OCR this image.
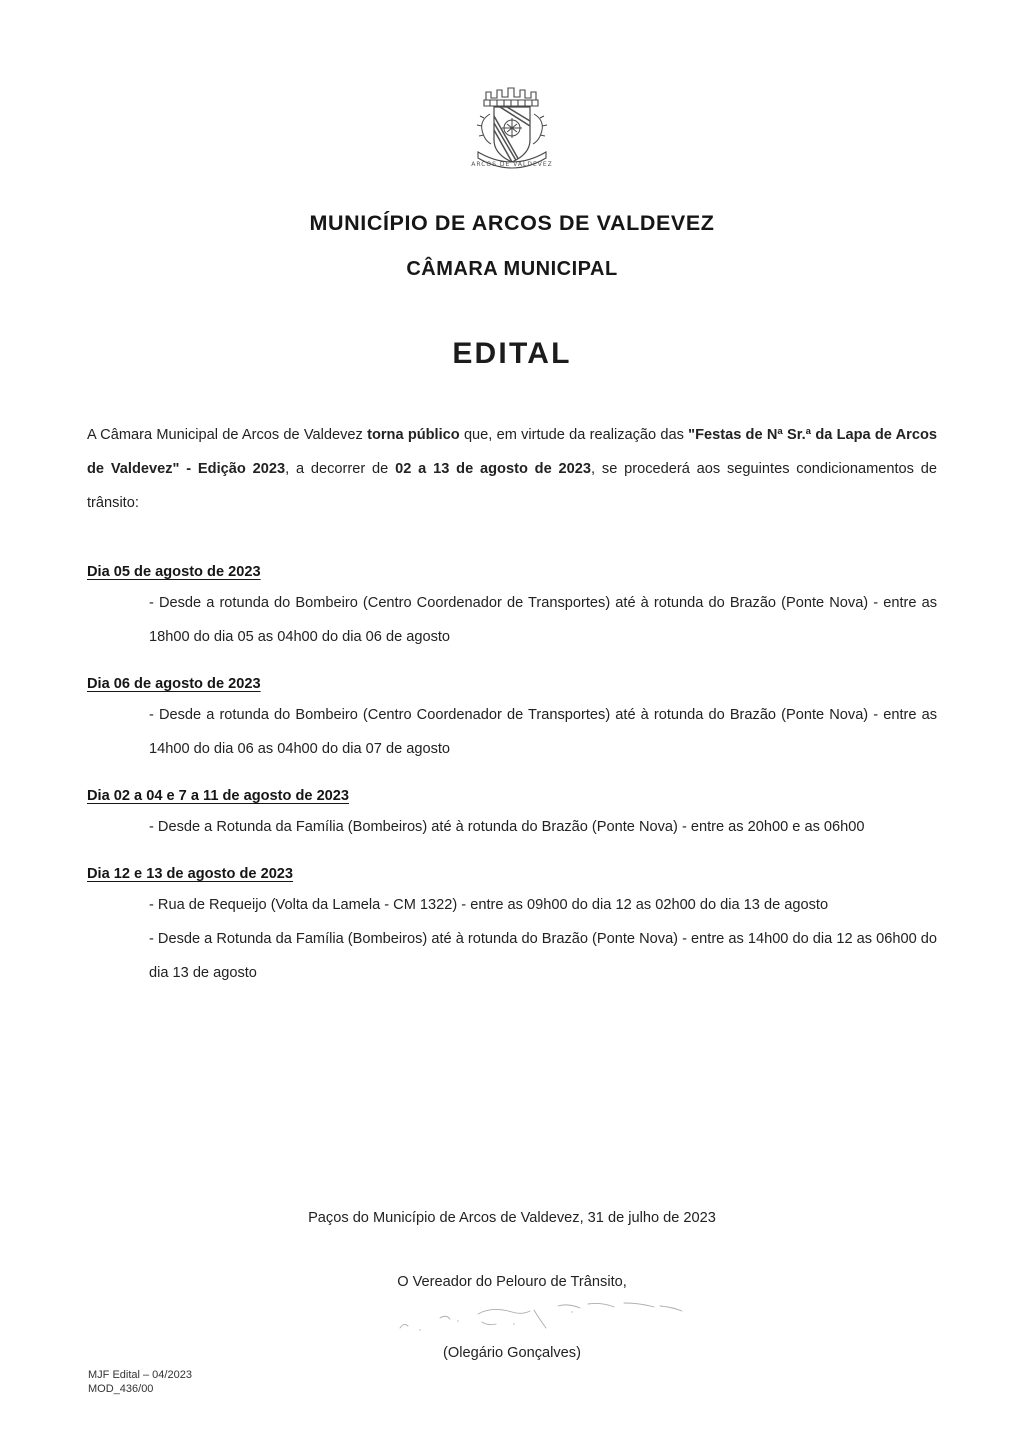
ARCOS DE VALDEVEZ
MUNICÍPIO DE ARCOS DE VALDEVEZ
CÂMARA MUNICIPAL
EDITAL

A Câmara Municipal de Arcos de Valdevez torna público que, em virtude da realização das "Festas de Nª Sr.ª da Lapa de Arcos de Valdevez" - Edição 2023, a decorrer de 02 a 13 de agosto de 2023, se procederá aos seguintes condicionamentos de trânsito:

Dia 05 de agosto de 2023
- Desde a rotunda do Bombeiro (Centro Coordenador de Transportes) até à rotunda do Brazão (Ponte Nova) - entre as 18h00 do dia 05 as 04h00 do dia 06 de agosto
Dia 06 de agosto de 2023
- Desde a rotunda do Bombeiro (Centro Coordenador de Transportes) até à rotunda do Brazão (Ponte Nova) - entre as 14h00 do dia 06 as 04h00 do dia 07 de agosto
Dia 02 a 04 e 7 a 11 de agosto de 2023
- Desde a Rotunda da Família (Bombeiros) até à rotunda do Brazão (Ponte Nova) - entre as 20h00 e as 06h00
Dia 12 e 13 de agosto de 2023
- Rua de Requeijo (Volta da Lamela - CM 1322) - entre as 09h00 do dia 12 as 02h00 do dia 13 de agosto
- Desde a Rotunda da Família (Bombeiros) até à rotunda do Brazão (Ponte Nova) - entre as 14h00 do dia 12 as 06h00 do dia 13 de agosto
Paços do Município de Arcos de Valdevez, 31 de julho de 2023
O Vereador do Pelouro de Trânsito,
(Olegário Gonçalves)
MJF Edital – 04/2023
MOD_436/00
